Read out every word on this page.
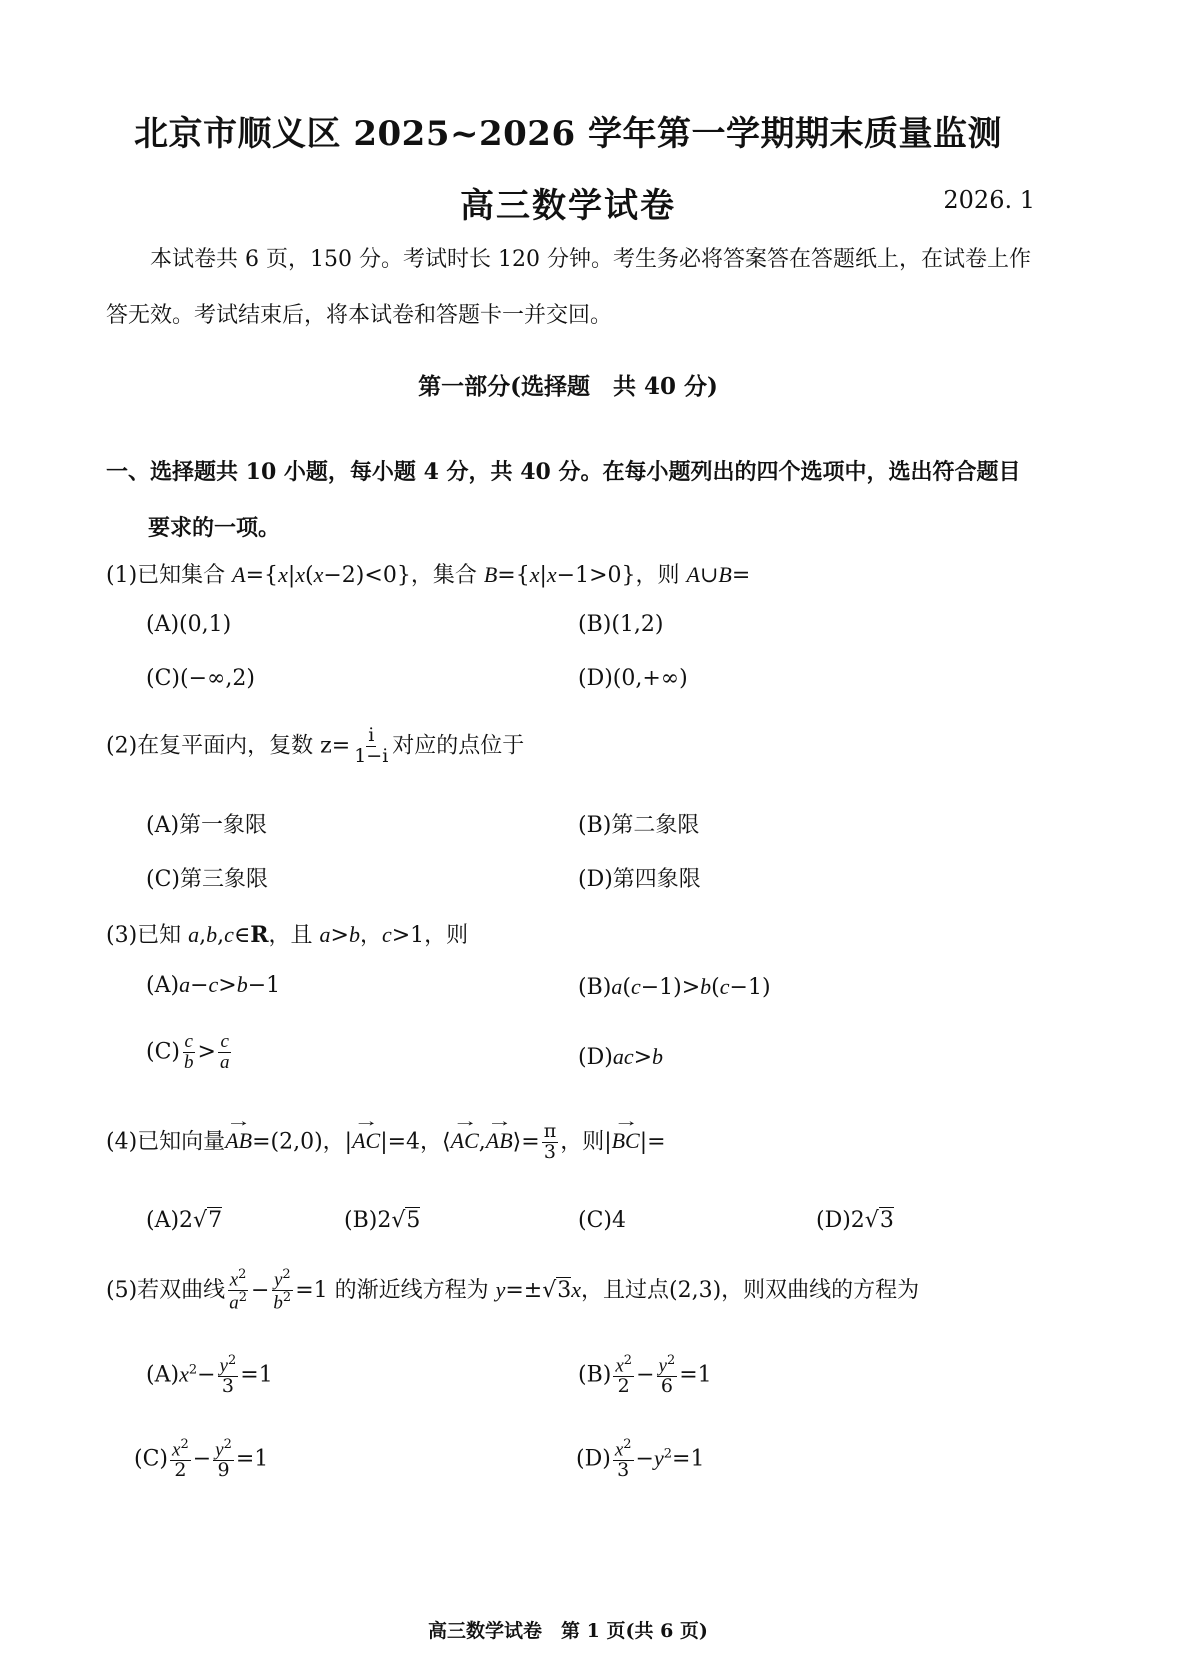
北京市顺义区 2025~2026 学年第一学期期末质量监测
高三数学试卷	2026. 1
本试卷共 6 页，150 分。考试时长 120 分钟。考生务必将答案答在答题纸上，在试卷上作答无效。考试结束后，将本试卷和答题卡一并交回。
第一部分(选择题　共 40 分)
一、选择题共 10 小题，每小题 4 分，共 40 分。在每小题列出的四个选项中，选出符合题目
要求的一项。
(1)已知集合 A={x|x(x−2)<0}，集合 B={x|x−1>0}，则 A∪B=
(A)(0,1)	(B)(1,2)
(C)(−∞,2)	(D)(0,+∞)
(2)在复平面内，复数 $z= \frac{i}{1-i}$ 对应的点位于
(A)第一象限	(B)第二象限
(C)第三象限	(D)第四象限
(3)已知 a,b,c∈R，且 a>b，c>1，则
(A)a−c>b−1	(B)a(c−1)>b(c−1)
$(C) \frac{c}{b} > \frac{c}{a}$	(D)ac>b
(4)已知向量→ AB=(2,0)，|→ AC|=4，⟨→ AC,→ AB⟩= $\frac{\pi}{3}$ ，则|→ BC|=
(A)2√7	(B)2√5	(C)4	(D)2√3
(5)若双曲线 $\frac{x^2}{a^2} - \frac{y^2}{b^2} =1$ 的渐近线方程为 y=±√3x，且过点(2,3)，则双曲线的方程为
$(A)x^2- \frac{y^2}{3} =1$	$(B) \frac{x^2}{2} - \frac{y^2}{6} =1$
$(C) \frac{x^2}{2} - \frac{y^2}{9} =1$	$(D) \frac{x^2}{3} -y^2=1$
高三数学试卷　第 1 页(共 6 页)
